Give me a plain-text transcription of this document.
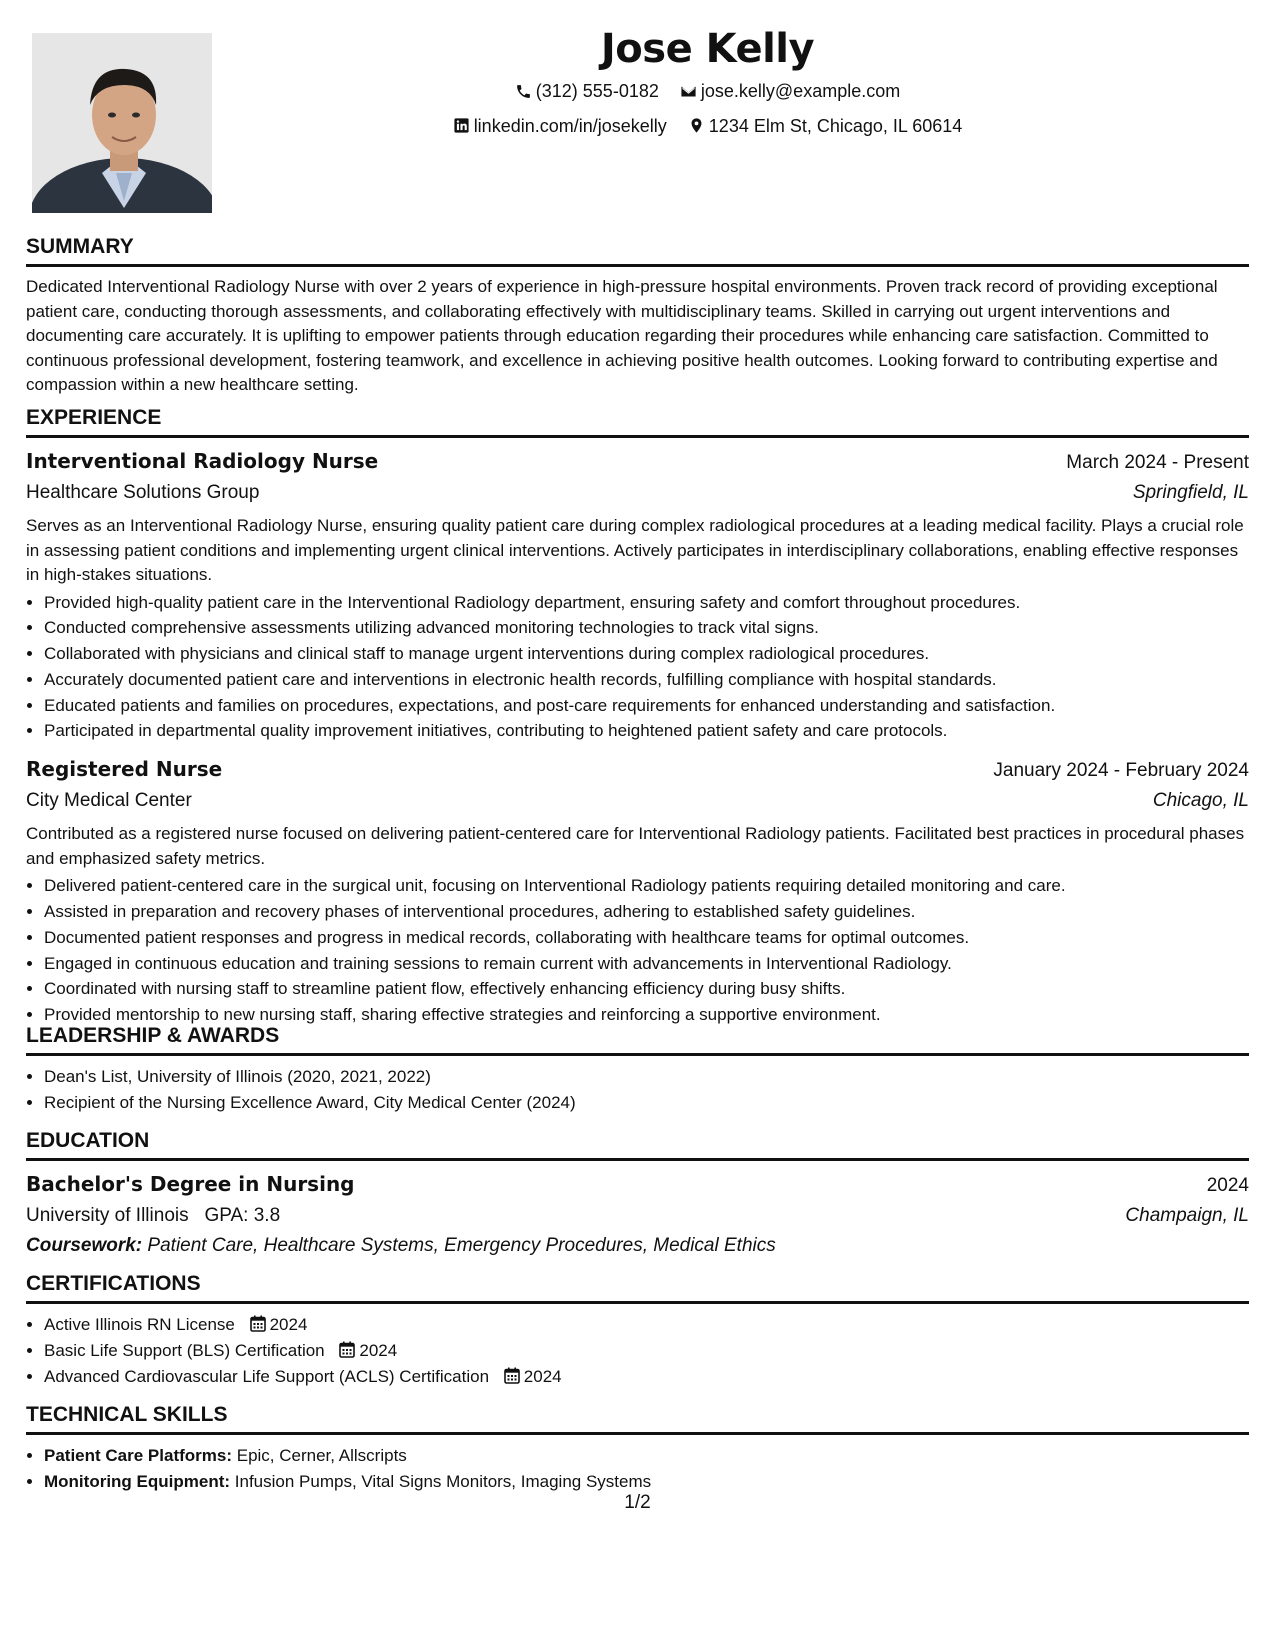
Jose Kelly
(312) 555-0182
jose.kelly@example.com
linkedin.com/in/josekelly
1234 Elm St, Chicago, IL 60614
SUMMARY

Dedicated Interventional Radiology Nurse with over 2 years of experience in high-pressure hospital environments. Proven track record of providing exceptional patient care, conducting thorough assessments, and collaborating effectively with multidisciplinary teams. Skilled in carrying out urgent interventions and documenting care accurately. It is uplifting to empower patients through education regarding their procedures while enhancing care satisfaction. Committed to continuous professional development, fostering teamwork, and excellence in achieving positive health outcomes. Looking forward to contributing expertise and compassion within a new healthcare setting.

EXPERIENCE
Interventional Radiology Nurse	March 2024 - Present
Healthcare Solutions Group	Springfield, IL

Serves as an Interventional Radiology Nurse, ensuring quality patient care during complex radiological procedures at a leading medical facility. Plays a crucial role in assessing patient conditions and implementing urgent clinical interventions. Actively participates in interdisciplinary collaborations, enabling effective responses in high-stakes situations.

• Provided high-quality patient care in the Interventional Radiology department, ensuring safety and comfort throughout procedures.
• Conducted comprehensive assessments utilizing advanced monitoring technologies to track vital signs.
• Collaborated with physicians and clinical staff to manage urgent interventions during complex radiological procedures.
• Accurately documented patient care and interventions in electronic health records, fulfilling compliance with hospital standards.
• Educated patients and families on procedures, expectations, and post-care requirements for enhanced understanding and satisfaction.
• Participated in departmental quality improvement initiatives, contributing to heightened patient safety and care protocols.
Registered Nurse	January 2024 - February 2024
City Medical Center	Chicago, IL

Contributed as a registered nurse focused on delivering patient-centered care for Interventional Radiology patients. Facilitated best practices in procedural phases and emphasized safety metrics.

• Delivered patient-centered care in the surgical unit, focusing on Interventional Radiology patients requiring detailed monitoring and care.
• Assisted in preparation and recovery phases of interventional procedures, adhering to established safety guidelines.
• Documented patient responses and progress in medical records, collaborating with healthcare teams for optimal outcomes.
• Engaged in continuous education and training sessions to remain current with advancements in Interventional Radiology.
• Coordinated with nursing staff to streamline patient flow, effectively enhancing efficiency during busy shifts.
• Provided mentorship to new nursing staff, sharing effective strategies and reinforcing a supportive environment.
LEADERSHIP & AWARDS
• Dean's List, University of Illinois (2020, 2021, 2022)
• Recipient of the Nursing Excellence Award, City Medical Center (2024)
EDUCATION
Bachelor's Degree in Nursing	2024
University of Illinois GPA: 3.8	Champaign, IL
Coursework: Patient Care, Healthcare Systems, Emergency Procedures, Medical Ethics
CERTIFICATIONS
• Active Illinois RN License 2024
• Basic Life Support (BLS) Certification 2024
• Advanced Cardiovascular Life Support (ACLS) Certification 2024
TECHNICAL SKILLS
• Patient Care Platforms: Epic, Cerner, Allscripts
• Monitoring Equipment: Infusion Pumps, Vital Signs Monitors, Imaging Systems
1/2
